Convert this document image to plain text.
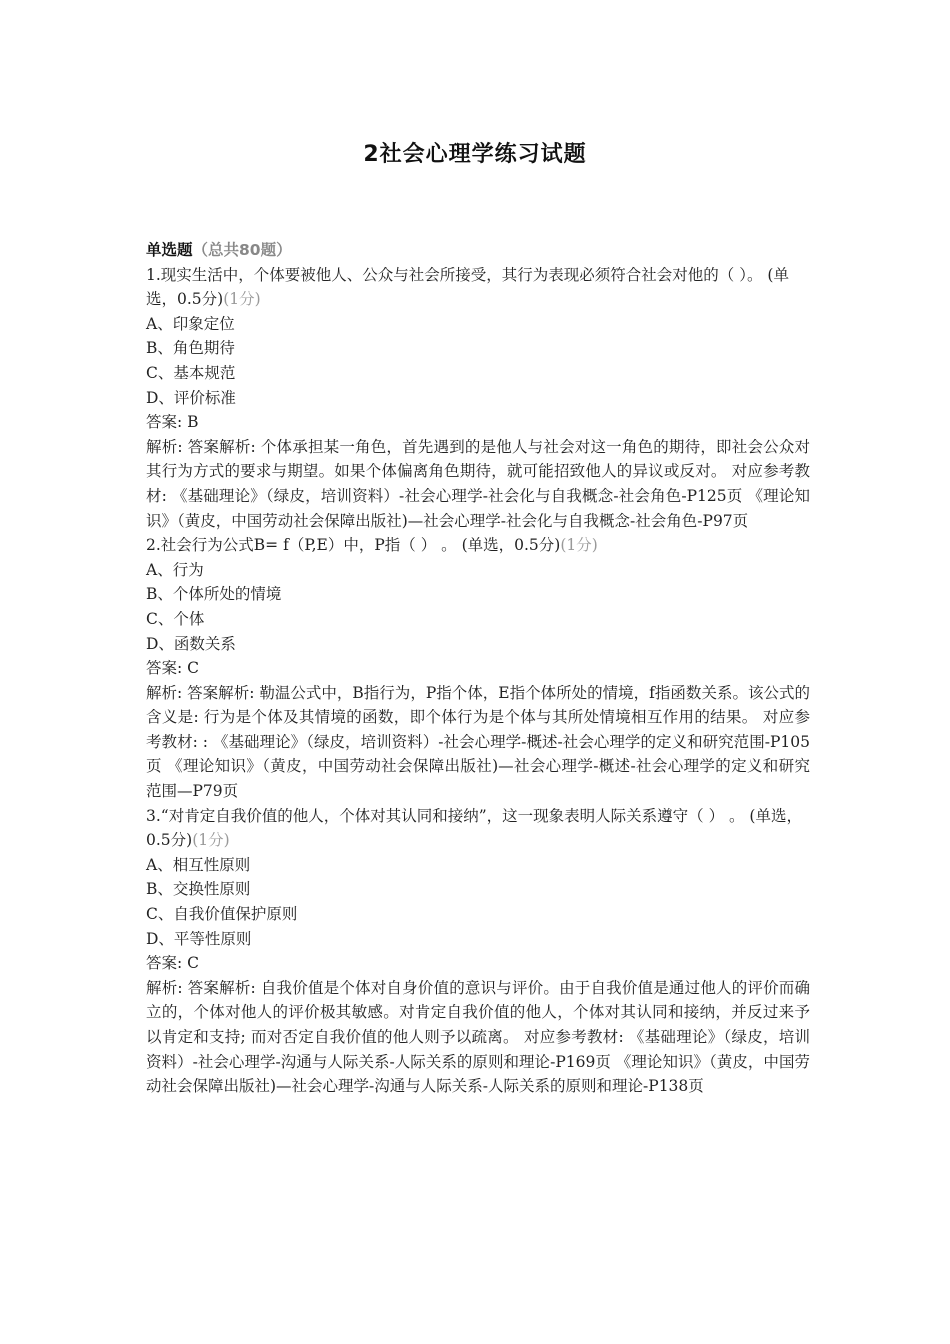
2社会心理学练习试题

单选题（总共80题）

1.现实生活中，个体要被他人、公众与社会所接受，其行为表现必须符合社会对他的（ ）。 (单选，0.5分)(1分)

A、印象定位

B、角色期待

C、基本规范

D、评价标准

答案: B

解析: 答案解析: 个体承担某一角色，首先遇到的是他人与社会对这一角色的期待，即社会公众对其行为方式的要求与期望。如果个体偏离角色期待，就可能招致他人的异议或反对。 对应参考教材: 《基础理论》（绿皮，培训资料）-社会心理学-社会化与自我概念-社会角色-P125页 《理论知识》（黄皮，中国劳动社会保障出版社)—社会心理学-社会化与自我概念-社会角色-P97页

2.社会行为公式B= f（P,E）中，P指（ ） 。 (单选，0.5分)(1分)

A、行为

B、个体所处的情境

C、个体

D、函数关系

答案: C

解析: 答案解析: 勒温公式中，B指行为，P指个体，E指个体所处的情境，f指函数关系。该公式的含义是: 行为是个体及其情境的函数，即个体行为是个体与其所处情境相互作用的结果。 对应参考教材: : 《基础理论》（绿皮，培训资料）-社会心理学-概述-社会心理学的定义和研究范围-P105页 《理论知识》（黄皮，中国劳动社会保障出版社)—社会心理学-概述-社会心理学的定义和研究范围—P79页

3.“对肯定自我价值的他人，个体对其认同和接纳”，这一现象表明人际关系遵守（ ） 。 (单选，0.5分)(1分)

A、相互性原则

B、交换性原则

C、自我价值保护原则

D、平等性原则

答案: C

解析: 答案解析: 自我价值是个体对自身价值的意识与评价。由于自我价值是通过他人的评价而确立的，个体对他人的评价极其敏感。对肯定自我价值的他人，个体对其认同和接纳，并反过来予以肯定和支持; 而对否定自我价值的他人则予以疏离。 对应参考教材: 《基础理论》（绿皮，培训资料）-社会心理学-沟通与人际关系-人际关系的原则和理论-P169页 《理论知识》（黄皮，中国劳动社会保障出版社)—社会心理学-沟通与人际关系-人际关系的原则和理论-P138页
